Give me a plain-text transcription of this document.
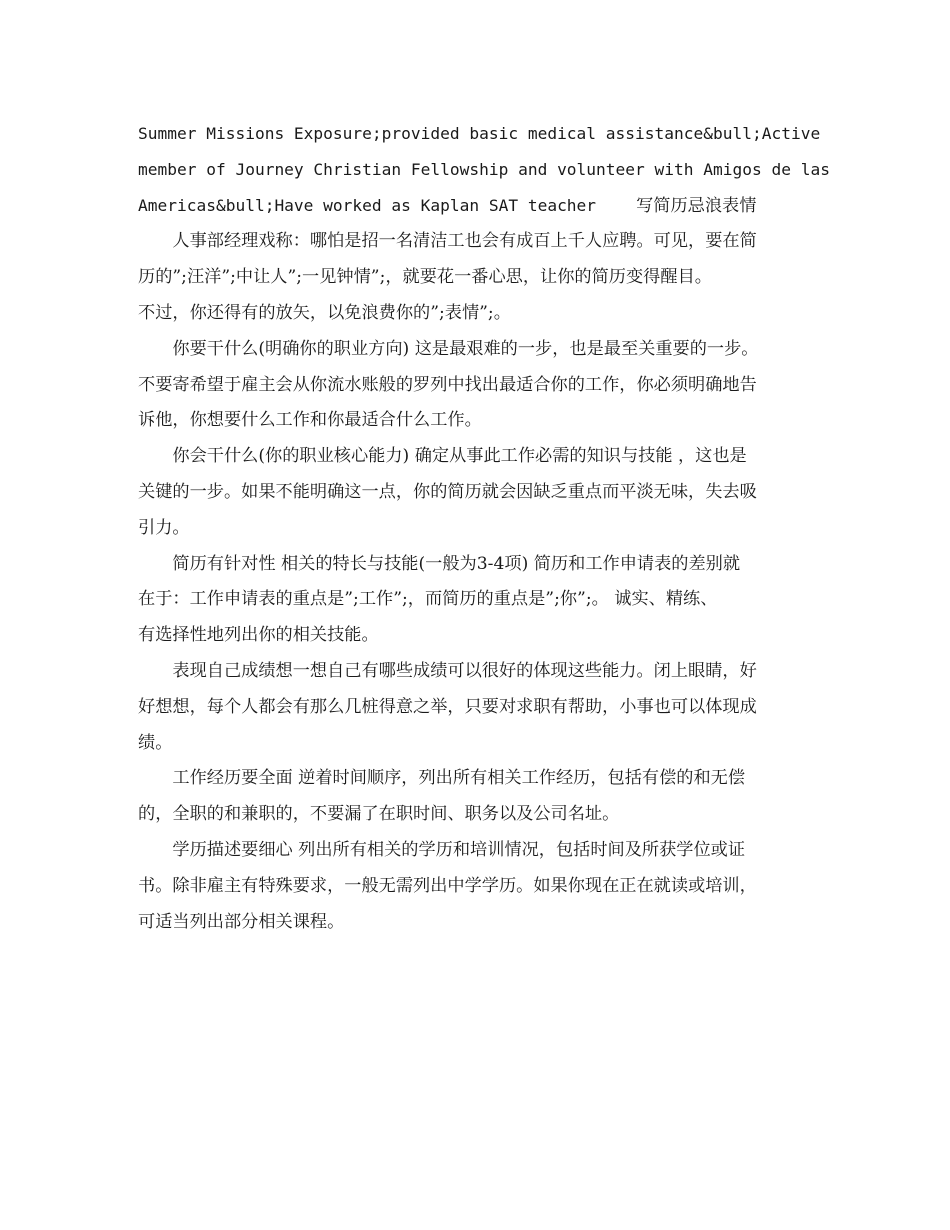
Summer Missions Exposure;provided basic medical assistance&bull;Active
member of Journey Christian Fellowship and volunteer with Amigos de las
Americas&bull;Have worked as Kaplan SAT teacher 写简历忌浪表情

人事部经理戏称：哪怕是招一名清洁工也会有成百上千人应聘。可见，要在简
历的”;汪洋”;中让人”;一见钟情”;，就要花一番心思，让你的简历变得醒目。
不过，你还得有的放矢，以免浪费你的”;表情”;。

你要干什么(明确你的职业方向) 这是最艰难的一步，也是最至关重要的一步。
不要寄希望于雇主会从你流水账般的罗列中找出最适合你的工作，你必须明确地告
诉他，你想要什么工作和你最适合什么工作。

你会干什么(你的职业核心能力) 确定从事此工作必需的知识与技能 ，这也是
关键的一步。如果不能明确这一点，你的简历就会因缺乏重点而平淡无味，失去吸
引力。

简历有针对性 相关的特长与技能(一般为3-4项) 简历和工作申请表的差别就
在于：工作申请表的重点是”;工作”;，而简历的重点是”;你”;。 诚实、精练、
有选择性地列出你的相关技能。

表现自己成绩想一想自己有哪些成绩可以很好的体现这些能力。闭上眼睛，好
好想想，每个人都会有那么几桩得意之举，只要对求职有帮助，小事也可以体现成
绩。

工作经历要全面 逆着时间顺序，列出所有相关工作经历，包括有偿的和无偿
的，全职的和兼职的，不要漏了在职时间、职务以及公司名址。

学历描述要细心 列出所有相关的学历和培训情况，包括时间及所获学位或证
书。除非雇主有特殊要求，一般无需列出中学学历。如果你现在正在就读或培训，
可适当列出部分相关课程。
